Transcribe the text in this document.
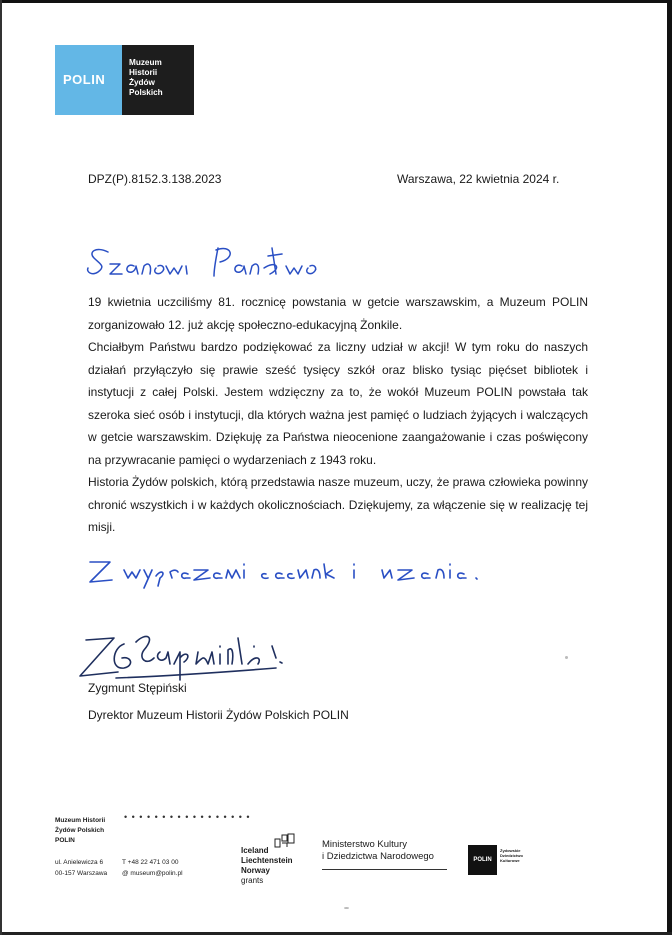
POLIN
Muzeum
Historii
Żydów
Polskich
DPZ(P).8152.3.138.2023	Warszawa, 22 kwietnia 2024 r.

19 kwietnia uczciliśmy 81. rocznicę powstania w getcie warszawskim, a Muzeum POLIN zorganizowało 12. już akcję społeczno-edukacyjną Żonkile.

Chciałbym Państwu bardzo podziękować za liczny udział w akcji! W tym roku do naszych działań przyłączyło się prawie sześć tysięcy szkół oraz blisko tysiąc pięćset bibliotek i instytucji z całej Polski. Jestem wdzięczny za to, że wokół Muzeum POLIN powstała tak szeroka sieć osób i instytucji, dla których ważna jest pamięć o ludziach żyjących i walczących w getcie warszawskim. Dziękuję za Państwa nieocenione zaangażowanie i czas poświęcony na przywracanie pamięci o wydarzeniach z 1943 roku.

Historia Żydów polskich, którą przedstawia nasze muzeum, uczy, że prawa człowieka powinny chronić wszystkich i w każdych okolicznościach. Dziękujemy, za włączenie się w realizację tej misji.

Zygmunt Stępiński
Dyrektor Muzeum Historii Żydów Polskich POLIN
Muzeum Historii
Żydów Polskich
POLIN
• • • • • • • • • • • • • • • • •
ul. Anielewicza 6
00-157 Warszawa
T +48 22 471 03 00
@ museum@polin.pl
Iceland
Liechtenstein
Norway
grants
Ministerstwo Kultury
i Dziedzictwa Narodowego	POLIN
Żydowskie
Dziedzictwo
Kulturowe
